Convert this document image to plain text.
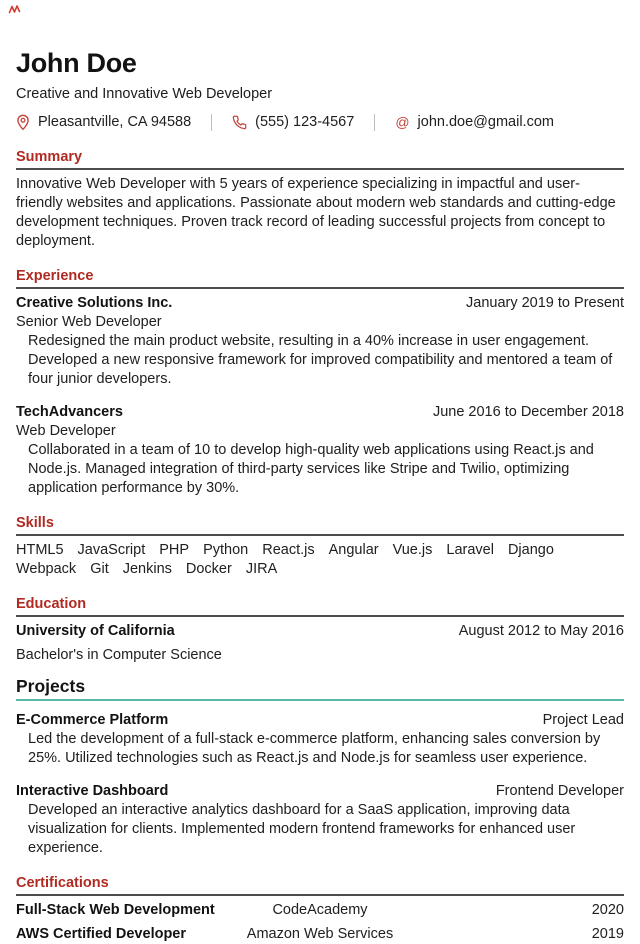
John Doe
Creative and Innovative Web Developer
Pleasantville, CA 94588	(555) 123-4567	@ john.doe@gmail.com
Summary

Innovative Web Developer with 5 years of experience specializing in impactful and user-friendly websites and applications. Passionate about modern web standards and cutting-edge development techniques. Proven track record of leading successful projects from concept to deployment.

Experience
Creative Solutions Inc.	January 2019 to Present
Senior Web Developer
Redesigned the main product website, resulting in a 40% increase in user engagement. Developed a new responsive framework for improved compatibility and mentored a team of four junior developers.
TechAdvancers	June 2016 to December 2018
Web Developer
Collaborated in a team of 10 to develop high-quality web applications using React.js and Node.js. Managed integration of third-party services like Stripe and Twilio, optimizing application performance by 30%.
Skills
HTML5 JavaScript PHP Python React.js Angular Vue.js Laravel Django
Webpack Git Jenkins Docker JIRA
Education
University of California	August 2012 to May 2016
Bachelor's in Computer Science
Projects
E-Commerce Platform	Project Lead
Led the development of a full-stack e-commerce platform, enhancing sales conversion by 25%. Utilized technologies such as React.js and Node.js for seamless user experience.
Interactive Dashboard	Frontend Developer
Developed an interactive analytics dashboard for a SaaS application, improving data visualization for clients. Implemented modern frontend frameworks for enhanced user experience.
Certifications
Full-Stack Web Development	CodeAcademy	2020
AWS Certified Developer	Amazon Web Services	2019
